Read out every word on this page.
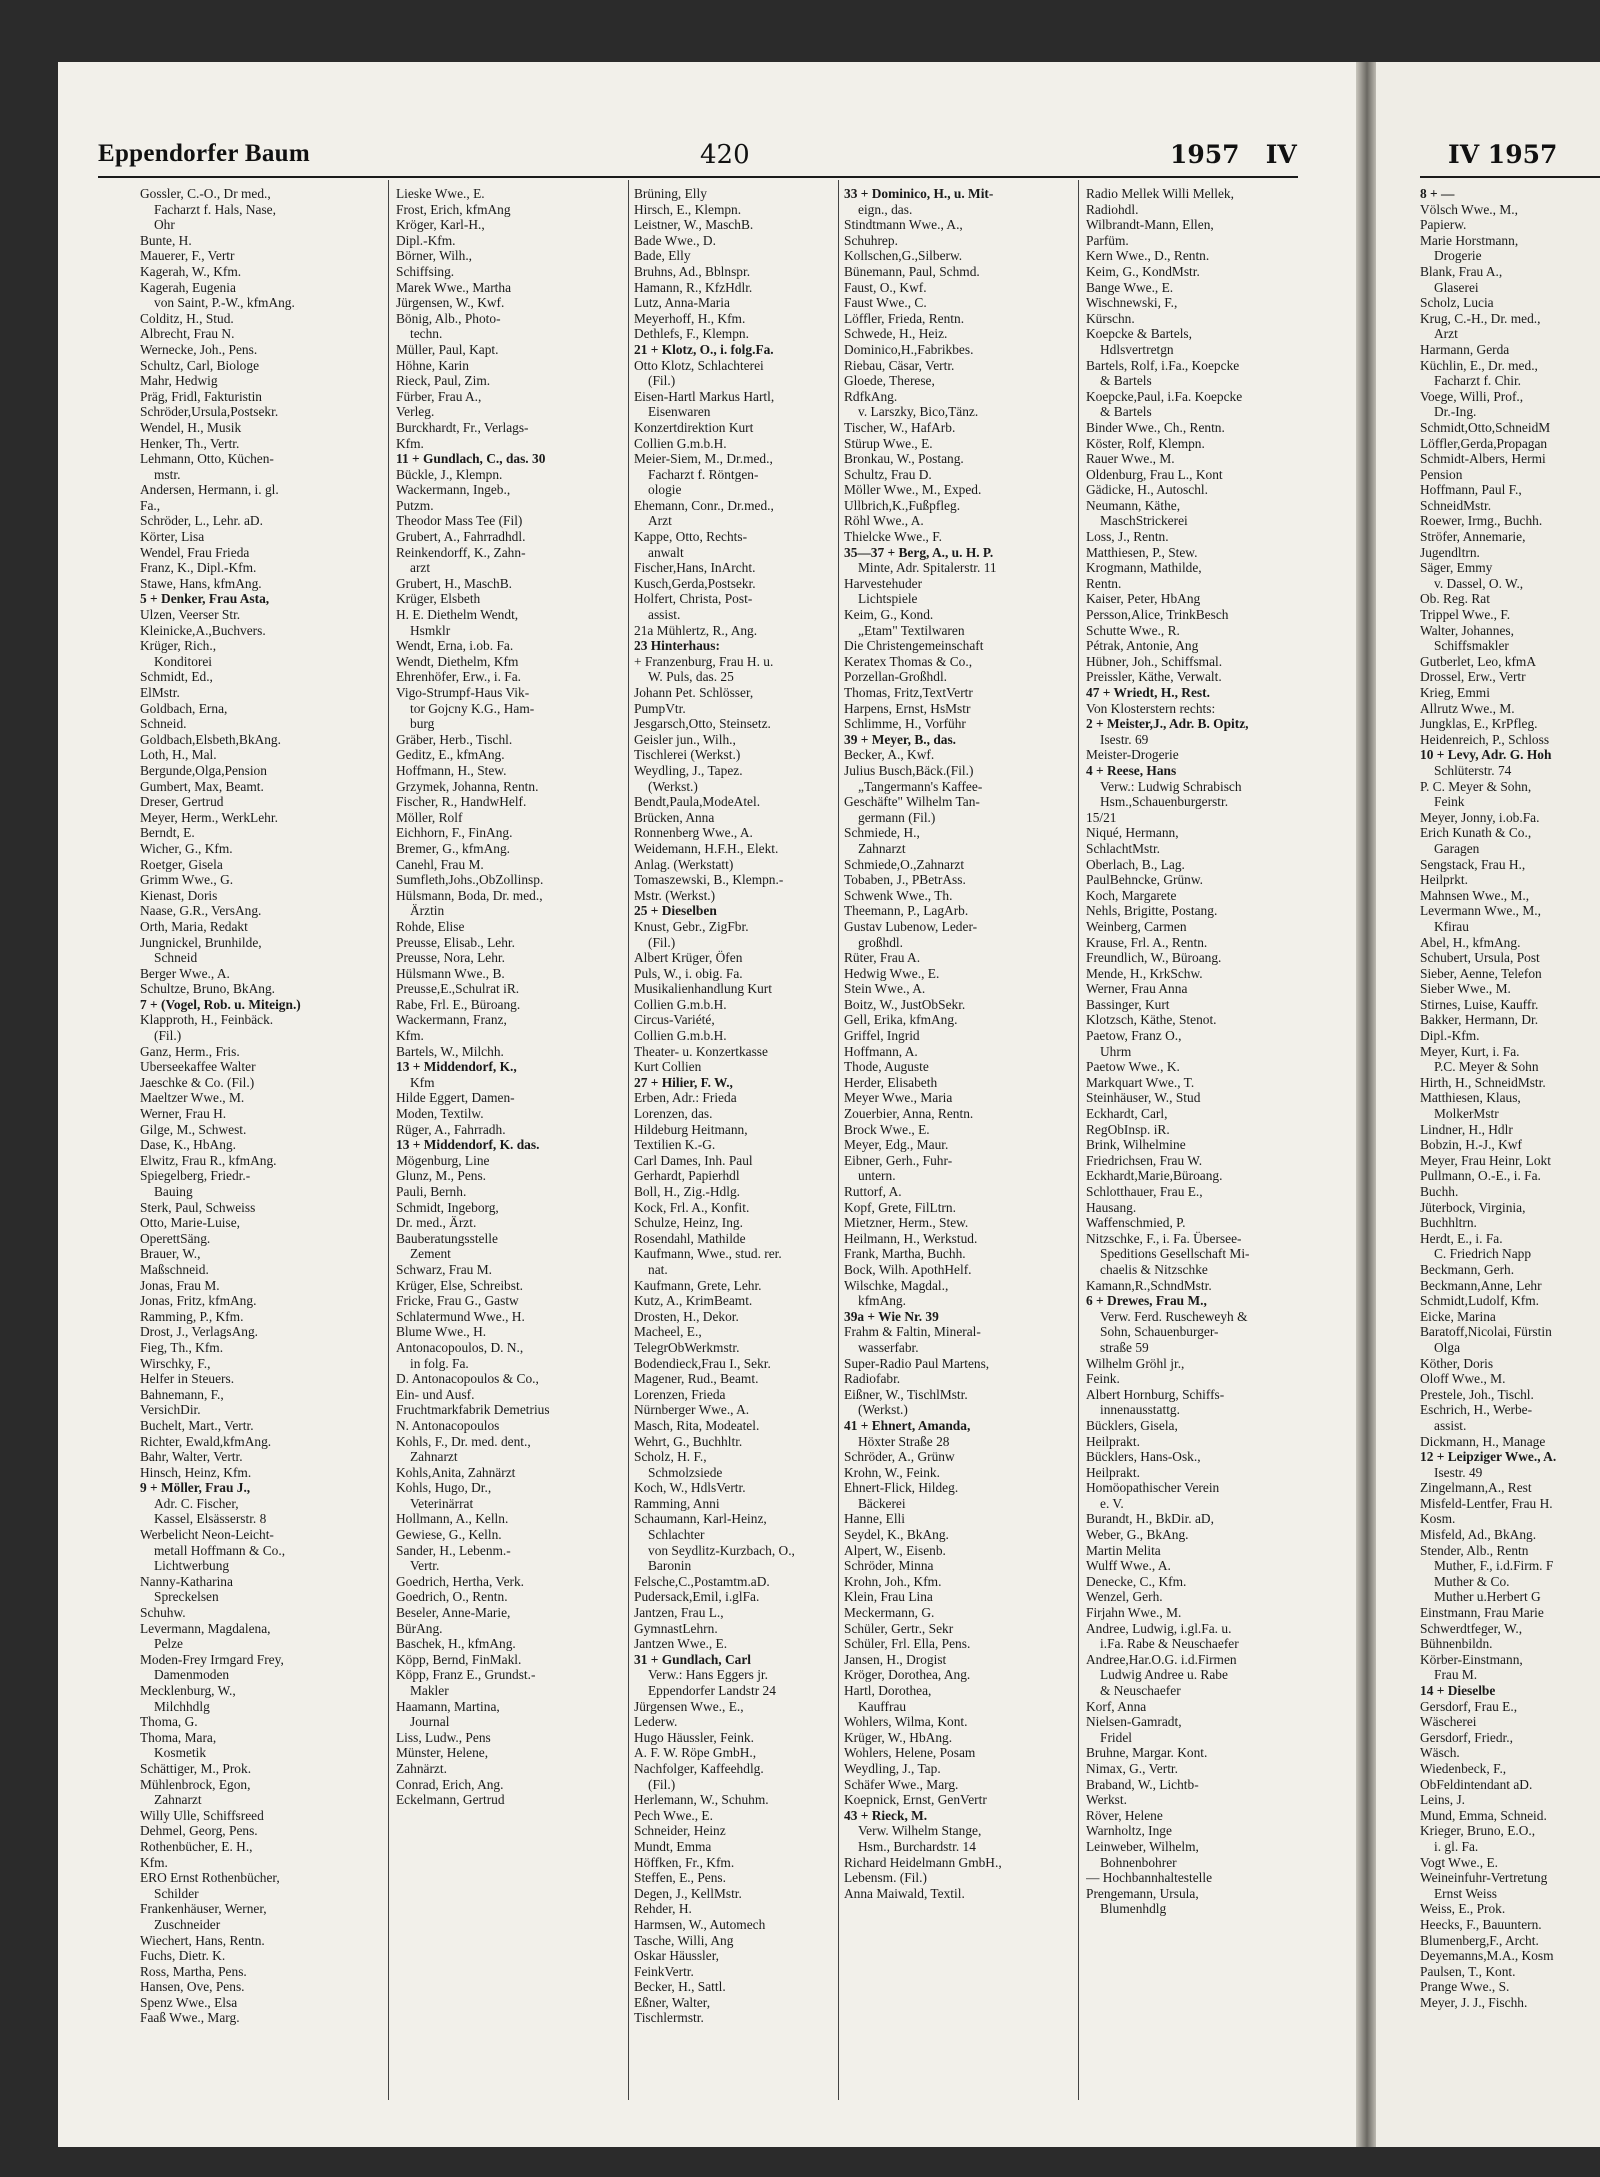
Eppendorfer Baum	420	1957 IV	IV 1957
Gossler, C.-O., Dr med.,
Facharzt f. Hals, Nase,
Ohr
Bunte, H.
Mauerer, F., Vertr
Kagerah, W., Kfm.
Kagerah, Eugenia
von Saint, P.-W., kfmAng.
Colditz, H., Stud.
Albrecht, Frau N.
Wernecke, Joh., Pens.
Schultz, Carl, Biologe
Mahr, Hedwig
Präg, Fridl, Fakturistin
Schröder,Ursula,Postsekr.
Wendel, H., Musik
Henker, Th., Vertr.
Lehmann, Otto, Küchen-
mstr.
Andersen, Hermann, i. gl.
Fa.,
Schröder, L., Lehr. aD.
Körter, Lisa
Wendel, Frau Frieda
Franz, K., Dipl.-Kfm.
Stawe, Hans, kfmAng.
5 + Denker, Frau Asta,
Ulzen, Veerser Str.
Kleinicke,A.,Buchvers.
Krüger, Rich.,
Konditorei
Schmidt, Ed.,
ElMstr.
Goldbach, Erna,
Schneid.
Goldbach,Elsbeth,BkAng.
Loth, H., Mal.
Bergunde,Olga,Pension
Gumbert, Max, Beamt.
Dreser, Gertrud
Meyer, Herm., WerkLehr.
Berndt, E.
Wicher, G., Kfm.
Roetger, Gisela
Grimm Wwe., G.
Kienast, Doris
Naase, G.R., VersAng.
Orth, Maria, Redakt
Jungnickel, Brunhilde,
Schneid
Berger Wwe., A.
Schultze, Bruno, BkAng.
7 + (Vogel, Rob. u. Miteign.)
Klapproth, H., Feinbäck.
(Fil.)
Ganz, Herm., Fris.
Uberseekaffee Walter
Jaeschke & Co. (Fil.)
Maeltzer Wwe., M.
Werner, Frau H.
Gilge, M., Schwest.
Dase, K., HbAng.
Elwitz, Frau R., kfmAng.
Spiegelberg, Friedr.-
Bauing
Sterk, Paul, Schweiss
Otto, Marie-Luise,
OperettSäng.
Brauer, W.,
Maßschneid.
Jonas, Frau M.
Jonas, Fritz, kfmAng.
Ramming, P., Kfm.
Drost, J., VerlagsAng.
Fieg, Th., Kfm.
Wirschky, F.,
Helfer in Steuers.
Bahnemann, F.,
VersichDir.
Buchelt, Mart., Vertr.
Richter, Ewald,kfmAng.
Bahr, Walter, Vertr.
Hinsch, Heinz, Kfm.
9 + Möller, Frau J.,
Adr. C. Fischer,
Kassel, Elsässerstr. 8
Werbelicht Neon-Leicht-
metall Hoffmann & Co.,
Lichtwerbung
Nanny-Katharina
Spreckelsen
Schuhw.
Levermann, Magdalena,
Pelze
Moden-Frey Irmgard Frey,
Damenmoden
Mecklenburg, W.,
Milchhdlg
Thoma, G.
Thoma, Mara,
Kosmetik
Schättiger, M., Prok.
Mühlenbrock, Egon,
Zahnarzt
Willy Ulle, Schiffsreed
Dehmel, Georg, Pens.
Rothenbücher, E. H.,
Kfm.
ERO Ernst Rothenbücher,
Schilder
Frankenhäuser, Werner,
Zuschneider
Wiechert, Hans, Rentn.
Fuchs, Dietr. K.
Ross, Martha, Pens.
Hansen, Ove, Pens.
Spenz Wwe., Elsa
Faaß Wwe., Marg.
Lieske Wwe., E.
Frost, Erich, kfmAng
Kröger, Karl-H.,
Dipl.-Kfm.
Börner, Wilh.,
Schiffsing.
Marek Wwe., Martha
Jürgensen, W., Kwf.
Bönig, Alb., Photo-
techn.
Müller, Paul, Kapt.
Höhne, Karin
Rieck, Paul, Zim.
Fürber, Frau A.,
Verleg.
Burckhardt, Fr., Verlags-
Kfm.
11 + Gundlach, C., das. 30
Bückle, J., Klempn.
Wackermann, Ingeb.,
Putzm.
Theodor Mass Tee (Fil)
Grubert, A., Fahrradhdl.
Reinkendorff, K., Zahn-
arzt
Grubert, H., MaschB.
Krüger, Elsbeth
H. E. Diethelm Wendt,
Hsmklr
Wendt, Erna, i.ob. Fa.
Wendt, Diethelm, Kfm
Ehrenhöfer, Erw., i. Fa.
Vigo-Strumpf-Haus Vik-
tor Gojcny K.G., Ham-
burg
Gräber, Herb., Tischl.
Geditz, E., kfmAng.
Hoffmann, H., Stew.
Grzymek, Johanna, Rentn.
Fischer, R., HandwHelf.
Möller, Rolf
Eichhorn, F., FinAng.
Bremer, G., kfmAng.
Canehl, Frau M.
Sumfleth,Johs.,ObZollinsp.
Hülsmann, Boda, Dr. med.,
Ärztin
Rohde, Elise
Preusse, Elisab., Lehr.
Preusse, Nora, Lehr.
Hülsmann Wwe., B.
Preusse,E.,Schulrat iR.
Rabe, Frl. E., Büroang.
Wackermann, Franz,
Kfm.
Bartels, W., Milchh.
13 + Middendorf, K.,
Kfm
Hilde Eggert, Damen-
Moden, Textilw.
Rüger, A., Fahrradh.
13 + Middendorf, K. das.
Mögenburg, Line
Glunz, M., Pens.
Pauli, Bernh.
Schmidt, Ingeborg,
Dr. med., Ärzt.
Bauberatungsstelle
Zement
Schwarz, Frau M.
Krüger, Else, Schreibst.
Fricke, Frau G., Gastw
Schlatermund Wwe., H.
Blume Wwe., H.
Antonacopoulos, D. N.,
in folg. Fa.
D. Antonacopoulos & Co.,
Ein- und Ausf.
Fruchtmarkfabrik Demetrius
N. Antonacopoulos
Kohls, F., Dr. med. dent.,
Zahnarzt
Kohls,Anita, Zahnärzt
Kohls, Hugo, Dr.,
Veterinärrat
Hollmann, A., Kelln.
Gewiese, G., Kelln.
Sander, H., Lebenm.-
Vertr.
Goedrich, Hertha, Verk.
Goedrich, O., Rentn.
Beseler, Anne-Marie,
BürAng.
Baschek, H., kfmAng.
Köpp, Bernd, FinMakl.
Köpp, Franz E., Grundst.-
Makler
Haamann, Martina,
Journal
Liss, Ludw., Pens
Münster, Helene,
Zahnärzt.
Conrad, Erich, Ang.
Eckelmann, Gertrud
Brüning, Elly
Hirsch, E., Klempn.
Leistner, W., MaschB.
Bade Wwe., D.
Bade, Elly
Bruhns, Ad., Bblnspr.
Hamann, R., KfzHdlr.
Lutz, Anna-Maria
Meyerhoff, H., Kfm.
Dethlefs, F., Klempn.
21 + Klotz, O., i. folg.Fa.
Otto Klotz, Schlachterei
(Fil.)
Eisen-Hartl Markus Hartl,
Eisenwaren
Konzertdirektion Kurt
Collien G.m.b.H.
Meier-Siem, M., Dr.med.,
Facharzt f. Röntgen-
ologie
Ehemann, Conr., Dr.med.,
Arzt
Kappe, Otto, Rechts-
anwalt
Fischer,Hans, InArcht.
Kusch,Gerda,Postsekr.
Holfert, Christa, Post-
assist.
21a Mühlertz, R., Ang.
23 Hinterhaus:
+ Franzenburg, Frau H. u.
W. Puls, das. 25
Johann Pet. Schlösser,
PumpVtr.
Jesgarsch,Otto, Steinsetz.
Geisler jun., Wilh.,
Tischlerei (Werkst.)
Weydling, J., Tapez.
(Werkst.)
Bendt,Paula,ModeAtel.
Brücken, Anna
Ronnenberg Wwe., A.
Weidemann, H.F.H., Elekt.
Anlag. (Werkstatt)
Tomaszewski, B., Klempn.-
Mstr. (Werkst.)
25 + Dieselben
Knust, Gebr., ZigFbr.
(Fil.)
Albert Krüger, Öfen
Puls, W., i. obig. Fa.
Musikalienhandlung Kurt
Collien G.m.b.H.
Circus-Variété,
Collien G.m.b.H.
Theater- u. Konzertkasse
Kurt Collien
27 + Hilier, F. W.,
Erben, Adr.: Frieda
Lorenzen, das.
Hildeburg Heitmann,
Textilien K.-G.
Carl Dames, Inh. Paul
Gerhardt, Papierhdl
Boll, H., Zig.-Hdlg.
Kock, Frl. A., Konfit.
Schulze, Heinz, Ing.
Rosendahl, Mathilde
Kaufmann, Wwe., stud. rer.
nat.
Kaufmann, Grete, Lehr.
Kutz, A., KrimBeamt.
Drosten, H., Dekor.
Macheel, E.,
TelegrObWerkmstr.
Bodendieck,Frau I., Sekr.
Magener, Rud., Beamt.
Lorenzen, Frieda
Nürnberger Wwe., A.
Masch, Rita, Modeatel.
Wehrt, G., Buchhltr.
Scholz, H. F.,
Schmolzsiede
Koch, W., HdlsVertr.
Ramming, Anni
Schaumann, Karl-Heinz,
Schlachter
von Seydlitz-Kurzbach, O.,
Baronin
Felsche,C.,Postamtm.aD.
Pudersack,Emil, i.glFa.
Jantzen, Frau L.,
GymnastLehrn.
Jantzen Wwe., E.
31 + Gundlach, Carl
Verw.: Hans Eggers jr.
Eppendorfer Landstr 24
Jürgensen Wwe., E.,
Lederw.
Hugo Häussler, Feink.
A. F. W. Röpe GmbH.,
Nachfolger, Kaffeehdlg.
(Fil.)
Herlemann, W., Schuhm.
Pech Wwe., E.
Schneider, Heinz
Mundt, Emma
Höffken, Fr., Kfm.
Steffen, E., Pens.
Degen, J., KellMstr.
Rehder, H.
Harmsen, W., Automech
Tasche, Willi, Ang
Oskar Häussler,
FeinkVertr.
Becker, H., Sattl.
Eßner, Walter,
Tischlermstr.
33 + Dominico, H., u. Mit-
eign., das.
Stindtmann Wwe., A.,
Schuhrep.
Kollschen,G.,Silberw.
Bünemann, Paul, Schmd.
Faust, O., Kwf.
Faust Wwe., C.
Löffler, Frieda, Rentn.
Schwede, H., Heiz.
Dominico,H.,Fabrikbes.
Riebau, Cäsar, Vertr.
Gloede, Therese,
RdfkAng.
v. Larszky, Bico,Tänz.
Tischer, W., HafArb.
Stürup Wwe., E.
Bronkau, W., Postang.
Schultz, Frau D.
Möller Wwe., M., Exped.
Ullbrich,K.,Fußpfleg.
Röhl Wwe., A.
Thielcke Wwe., F.
35—37 + Berg, A., u. H. P.
Minte, Adr. Spitalerstr. 11
Harvestehuder
Lichtspiele
Keim, G., Kond.
„Etam" Textilwaren
Die Christengemeinschaft
Keratex Thomas & Co.,
Porzellan-Großhdl.
Thomas, Fritz,TextVertr
Harpens, Ernst, HsMstr
Schlimme, H., Vorführ
39 + Meyer, B., das.
Becker, A., Kwf.
Julius Busch,Bäck.(Fil.)
„Tangermann's Kaffee-
Geschäfte" Wilhelm Tan-
germann (Fil.)
Schmiede, H.,
Zahnarzt
Schmiede,O.,Zahnarzt
Tobaben, J., PBetrAss.
Schwenk Wwe., Th.
Theemann, P., LagArb.
Gustav Lubenow, Leder-
großhdl.
Rüter, Frau A.
Hedwig Wwe., E.
Stein Wwe., A.
Boitz, W., JustObSekr.
Gell, Erika, kfmAng.
Griffel, Ingrid
Hoffmann, A.
Thode, Auguste
Herder, Elisabeth
Meyer Wwe., Maria
Zouerbier, Anna, Rentn.
Brock Wwe., E.
Meyer, Edg., Maur.
Eibner, Gerh., Fuhr-
untern.
Ruttorf, A.
Kopf, Grete, FilLtrn.
Mietzner, Herm., Stew.
Heilmann, H., Werkstud.
Frank, Martha, Buchh.
Bock, Wilh. ApothHelf.
Wilschke, Magdal.,
kfmAng.
39a + Wie Nr. 39
Frahm & Faltin, Mineral-
wasserfabr.
Super-Radio Paul Martens,
Radiofabr.
Eißner, W., TischlMstr.
(Werkst.)
41 + Ehnert, Amanda,
Höxter Straße 28
Schröder, A., Grünw
Krohn, W., Feink.
Ehnert-Flick, Hildeg.
Bäckerei
Hanne, Elli
Seydel, K., BkAng.
Alpert, W., Eisenb.
Schröder, Minna
Krohn, Joh., Kfm.
Klein, Frau Lina
Meckermann, G.
Schüler, Gertr., Sekr
Schüler, Frl. Ella, Pens.
Jansen, H., Drogist
Kröger, Dorothea, Ang.
Hartl, Dorothea,
Kauffrau
Wohlers, Wilma, Kont.
Krüger, W., HbAng.
Wohlers, Helene, Posam
Weydling, J., Tap.
Schäfer Wwe., Marg.
Koepnick, Ernst, GenVertr
43 + Rieck, M.
Verw. Wilhelm Stange,
Hsm., Burchardstr. 14
Richard Heidelmann GmbH.,
Lebensm. (Fil.)
Anna Maiwald, Textil.
Radio Mellek Willi Mellek,
Radiohdl.
Wilbrandt-Mann, Ellen,
Parfüm.
Kern Wwe., D., Rentn.
Keim, G., KondMstr.
Bange Wwe., E.
Wischnewski, F.,
Kürschn.
Koepcke & Bartels,
Hdlsvertretgn
Bartels, Rolf, i.Fa., Koepcke
& Bartels
Koepcke,Paul, i.Fa. Koepcke
& Bartels
Binder Wwe., Ch., Rentn.
Köster, Rolf, Klempn.
Rauer Wwe., M.
Oldenburg, Frau L., Kont
Gädicke, H., Autoschl.
Neumann, Käthe,
MaschStrickerei
Loss, J., Rentn.
Matthiesen, P., Stew.
Krogmann, Mathilde,
Rentn.
Kaiser, Peter, HbAng
Persson,Alice, TrinkBesch
Schutte Wwe., R.
Pétrak, Antonie, Ang
Hübner, Joh., Schiffsmal.
Preissler, Käthe, Verwalt.
47 + Wriedt, H., Rest.
Von Klosterstern rechts:
2 + Meister,J., Adr. B. Opitz,
Isestr. 69
Meister-Drogerie
4 + Reese, Hans
Verw.: Ludwig Schrabisch
Hsm.,Schauenburgerstr.
15/21
Niqué, Hermann,
SchlachtMstr.
Oberlach, B., Lag.
PaulBehncke, Grünw.
Koch, Margarete
Nehls, Brigitte, Postang.
Weinberg, Carmen
Krause, Frl. A., Rentn.
Freundlich, W., Büroang.
Mende, H., KrkSchw.
Werner, Frau Anna
Bassinger, Kurt
Klotzsch, Käthe, Stenot.
Paetow, Franz O.,
Uhrm
Paetow Wwe., K.
Markquart Wwe., T.
Steinhäuser, W., Stud
Eckhardt, Carl,
RegObInsp. iR.
Brink, Wilhelmine
Friedrichsen, Frau W.
Eckhardt,Marie,Büroang.
Schlotthauer, Frau E.,
Hausang.
Waffenschmied, P.
Nitzschke, F., i. Fa. Übersee-
Speditions Gesellschaft Mi-
chaelis & Nitzschke
Kamann,R.,SchndMstr.
6 + Drewes, Frau M.,
Verw. Ferd. Ruscheweyh &
Sohn, Schauenburger-
straße 59
Wilhelm Gröhl jr.,
Feink.
Albert Hornburg, Schiffs-
innenausstattg.
Bücklers, Gisela,
Heilprakt.
Bücklers, Hans-Osk.,
Heilprakt.
Homöopathischer Verein
e. V.
Burandt, H., BkDir. aD,
Weber, G., BkAng.
Martin Melita
Wulff Wwe., A.
Denecke, C., Kfm.
Wenzel, Gerh.
Firjahn Wwe., M.
Andree, Ludwig, i.gl.Fa. u.
i.Fa. Rabe & Neuschaefer
Andree,Har.O.G. i.d.Firmen
Ludwig Andree u. Rabe
& Neuschaefer
Korf, Anna
Nielsen-Gamradt,
Fridel
Bruhne, Margar. Kont.
Nimax, G., Vertr.
Braband, W., Lichtb-
Werkst.
Röver, Helene
Warnholtz, Inge
Leinweber, Wilhelm,
Bohnenbohrer
— Hochbannhaltestelle
Prengemann, Ursula,
Blumenhdlg
8 + —
Völsch Wwe., M.,
Papierw.
Marie Horstmann,
Drogerie
Blank, Frau A.,
Glaserei
Scholz, Lucia
Krug, C.-H., Dr. med.,
Arzt
Harmann, Gerda
Küchlin, E., Dr. med.,
Facharzt f. Chir.
Voege, Willi, Prof.,
Dr.-Ing.
Schmidt,Otto,SchneidM
Löffler,Gerda,Propagan
Schmidt-Albers, Hermi
Pension
Hoffmann, Paul F.,
SchneidMstr.
Roewer, Irmg., Buchh.
Ströfer, Annemarie,
Jugendltrn.
Säger, Emmy
v. Dassel, O. W.,
Ob. Reg. Rat
Trippel Wwe., F.
Walter, Johannes,
Schiffsmakler
Gutberlet, Leo, kfmA
Drossel, Erw., Vertr
Krieg, Emmi
Allrutz Wwe., M.
Jungklas, E., KrPfleg.
Heidenreich, P., Schloss
10 + Levy, Adr. G. Hoh
Schlüterstr. 74
P. C. Meyer & Sohn,
Feink
Meyer, Jonny, i.ob.Fa.
Erich Kunath & Co.,
Garagen
Sengstack, Frau H.,
Heilprkt.
Mahnsen Wwe., M.,
Levermann Wwe., M.,
Kfirau
Abel, H., kfmAng.
Schubert, Ursula, Post
Sieber, Aenne, Telefon
Sieber Wwe., M.
Stirnes, Luise, Kauffr.
Bakker, Hermann, Dr.
Dipl.-Kfm.
Meyer, Kurt, i. Fa.
P.C. Meyer & Sohn
Hirth, H., SchneidMstr.
Matthiesen, Klaus,
MolkerMstr
Lindner, H., Hdlr
Bobzin, H.-J., Kwf
Meyer, Frau Heinr, Lokt
Pullmann, O.-E., i. Fa.
Buchh.
Jüterbock, Virginia,
Buchhltrn.
Herdt, E., i. Fa.
C. Friedrich Napp
Beckmann, Gerh.
Beckmann,Anne, Lehr
Schmidt,Ludolf, Kfm.
Eicke, Marina
Baratoff,Nicolai, Fürstin
Olga
Köther, Doris
Oloff Wwe., M.
Prestele, Joh., Tischl.
Eschrich, H., Werbe-
assist.
Dickmann, H., Manage
12 + Leipziger Wwe., A.
Isestr. 49
Zingelmann,A., Rest
Misfeld-Lentfer, Frau H.
Kosm.
Misfeld, Ad., BkAng.
Stender, Alb., Rentn
Muther, F., i.d.Firm. F
Muther & Co.
Muther u.Herbert G
Einstmann, Frau Marie
Schwerdtfeger, W.,
Bühnenbildn.
Körber-Einstmann,
Frau M.
14 + Dieselbe
Gersdorf, Frau E.,
Wäscherei
Gersdorf, Friedr.,
Wäsch.
Wiedenbeck, F.,
ObFeldintendant aD.
Leins, J.
Mund, Emma, Schneid.
Krieger, Bruno, E.O.,
i. gl. Fa.
Vogt Wwe., E.
Weineinfuhr-Vertretung
Ernst Weiss
Weiss, E., Prok.
Heecks, F., Bauuntern.
Blumenberg,F., Archt.
Deyemanns,M.A., Kosm
Paulsen, T., Kont.
Prange Wwe., S.
Meyer, J. J., Fischh.
